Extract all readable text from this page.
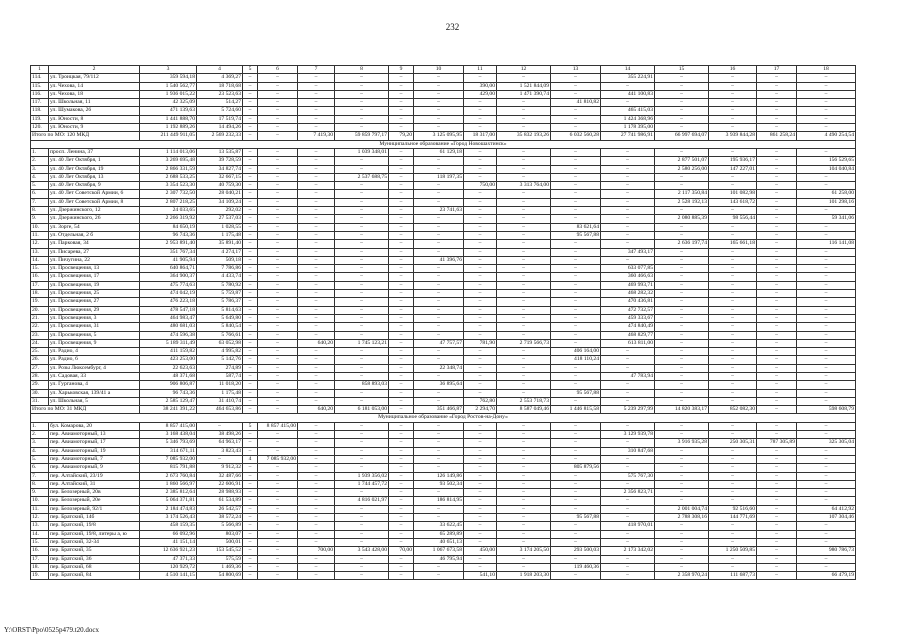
232
1	2	3	4	5	6	7	8	9	10	11	12	13	14	15	16	17	18
114.	ул. Троицкая, 79/112	359 594,18	4 369,27	–	–	–	–	–	–	–	–	–	355 224,91	–	–	–	–
115.	ул. Чехова, 14	1 540 562,77	18 718,68	–	–	–	–	–	–	390,00	1 521 844,09	–	–	–	–	–	–
116.	ул. Чехова, 18	1 936 015,22	23 523,63	–	–	–	–	–	–	429,00	1 471 390,74	–	441 100,83	–	–	–	–
117.	ул. Школьная, 11	42 325,09	514,27	–	–	–	–	–	–	–	–	41 810,82	–	–	–	–	–
118.	ул. Шумакова, 26	471 139,63	5 724,60	–	–	–	–	–	–	–	–	–	465 415,03	–	–	–	–
119.	ул. Юности, 8	1 441 888,70	17 519,74	–	–	–	–	–	–	–	–	–	1 424 368,96	–	–	–	–
120.	ул. Юности, 9	1 192 889,26	14 494,26	–	–	–	–	–	–	–	–	–	1 178 395,00	–	–	–	–
Итого по МО: 120 МКД		211 449 911,05	2 569 232,33	–	–	7 419,30	59 859 797,17	79,20	3 125 095,95	18 317,00	35 832 193,26	6 032 560,28	27 741 986,91	66 997 694,07	3 939 844,28	861 258,24	4 490 254,54
Муниципальное образование «Город Новошахтинск»																	
1.	просп. Ленина, 37	1 114 013,06	13 535,87	–	–	–	1 039 348,01	–	61 129,18	–	–	–	–	–	–	–	–
2.	ул. 40 Лет Октября, 1	3 269 695,48	39 728,59	–	–	–	–	–	–	–	–	–	–	2 877 501,07	195 936,17	–	156 529,65
3.	ул. 40 Лет Октября, 19	2 866 331,59	34 827,74	–	–	–	–	–	–	–	–	–	–	2 580 256,00	147 227,01	–	104 040,84
4.	ул. 40 Лет Октября, 13	2 688 533,25	32 667,15	–	–	–	2 537 688,75	–	118 197,35	–	–	–	–	–	–	–	–
5.	ул. 40 Лет Октября, 9	3 354 523,30	40 759,30	–	–	–	–	–	–	750,00	3 313 764,00	–	–	–	–	–	–
6.	ул. 40 Лет Советской Армии, 6	2 307 732,50	28 040,21	–	–	–	–	–	–	–	–	–	–	2 117 350,84	101 082,98	–	61 258,00
7.	ул. 40 Лет Советской Армии, 8	2 807 218,25	34 109,24	–	–	–	–	–	–	–	–	–	–	2 528 192,13	143 618,72	–	101 298,16
8.	ул. Дзержинского, 12	24 033,65	292,02	–	–	–	–	–	23 741,63	–	–	–	–	–	–	–	–
9.	ул. Дзержинского, 26	2 266 319,92	27 537,03	–	–	–	–	–	–	–	–	–	–	2 080 885,39	98 556,44	–	59 341,06
10.	ул. Зорге, 54	84 650,19	1 028,55	–	–	–	–	–	–	–	–	83 621,64	–	–	–	–	–
11.	ул. Отдельная, 2 б	96 743,36	1 175,48	–	–	–	–	–	–	–	–	95 567,88	–	–	–	–	–
12.	ул. Парковая, 34	2 953 891,40	35 891,40	–	–	–	–	–	–	–	–	–	–	2 636 197,74	165 661,18	–	116 141,08
13.	ул. Писарева, 27	351 767,34	4 274,17	–	–	–	–	–	–	–	–	–	347 493,17	–	–	–	–
14.	ул. Пичугина, 22	41 905,94	509,18	–	–	–	–	–	41 396,76	–	–	–	–	–	–	–	–
15.	ул. Просвещения, 13	640 864,71	7 786,86	–	–	–	–	–	–	–	–	–	633 077,85	–	–	–	–
16.	ул. Просвещения, 17	364 900,37	4 433,74	–	–	–	–	–	–	–	–	–	360 466,63	–	–	–	–
17.	ул. Просвещения, 19	475 774,63	5 780,92	–	–	–	–	–	–	–	–	–	469 993,71	–	–	–	–
18.	ул. Просвещения, 25	474 042,19	5 759,87	–	–	–	–	–	–	–	–	–	468 282,32	–	–	–	–
19.	ул. Просвещения, 27	476 223,18	5 786,37	–	–	–	–	–	–	–	–	–	470 436,81	–	–	–	–
20.	ул. Просвещения, 29	478 547,18	5 814,63	–	–	–	–	–	–	–	–	–	472 732,57	–	–	–	–
21.	ул. Просвещения, 3	464 983,47	5 649,80	–	–	–	–	–	–	–	–	–	459 333,67	–	–	–	–
22.	ул. Просвещения, 31	480 681,03	5 840,54	–	–	–	–	–	–	–	–	–	474 840,49	–	–	–	–
23.	ул. Просвещения, 5	474 596,38	5 766,61	–	–	–	–	–	–	–	–	–	468 829,77	–	–	–	–
24.	ул. Просвещения, 9	5 189 311,49	63 052,98	–	–	640,20	1 745 123,21	–	47 757,57	781,90	2 719 566,73	–	613 811,00	–	–	–	–
25.	ул. Радио, 4	411 159,82	4 995,82	–	–	–	–	–	–	–	–	406 164,00	–	–	–	–	–
26.	ул. Радио, 6	423 253,00	5 142,76	–	–	–	–	–	–	–	–	418 110,24	–	–	–	–	–
27.	ул. Розы Люксембург, 4	22 623,63	274,89	–	–	–	–	–	22 348,74	–	–	–	–	–	–	–	–
28.	ул. Садовая, 33	48 371,68	587,74	–	–	–	–	–	–	–	–	–	47 783,94	–	–	–	–
29.	ул. Гурганова, 4	906 806,87	11 018,20	–	–	–	858 893,03	–	36 895,64	–	–	–	–	–	–	–	–
30.	ул. Харьковская, 139/41 а	96 743,36	1 175,48	–	–	–	–	–	–	–	–	95 567,88	–	–	–	–	–
31.	ул. Школьная, 5	2 585 129,47	31 410,74	–	–	–	–	–	–	762,80	2 553 718,73	–	–	–	–	–	–
Итого по МО: 31 МКД		38 241 391,22	464 653,86	–	–	640,20	6 181 053,00	–	351 466,87	2 294,70	8 587 049,46	1 446 815,58	5 239 297,99	14 820 383,17	852 082,30	–	598 608,79
Муниципальное образование «Город Ростов-на-Дону»																	
1.	бул. Комарова, 20	8 857 415,00	–	5	8 857 415,00	–	–	–	–	–	–	–	–	–	–	–	–
2.	пер. Авиамоторный, 13	3 168 438,04	38 498,26	–	–	–	–	–	–	–	–	–	3 129 939,78	–	–	–	–
3.	пер. Авиамоторный, 17	5 346 793,69	64 963,17	–	–	–	–	–	–	–	–	–	–	3 916 935,28	250 305,31	787 305,89	325 305,04
4.	пер. Авиамоторный, 19	314 671,11	3 823,43	–	–	–	–	–	–	–	–	–	310 847,68	–	–	–	–
5.	пер. Авиамоторный, 7	7 085 932,00	–	4	7 085 932,00	–	–	–	–	–	–	–	–	–	–	–	–
6.	пер. Авиамоторный, 9	815 791,88	9 912,32	–	–	–	–	–	–	–	–	805 879,56	–	–	–	–	–
7.	пер. Алтайский, 23/19	2 673 760,84	32 487,66	–	–	–	1 939 356,02	–	126 149,86	–	–	–	575 767,30	–	–	–	–
8.	пер. Алтайский, 31	1 860 566,97	22 606,91	–	–	–	1 744 457,72	–	93 502,34	–	–	–	–	–	–	–	–
9.	пер. Белозерный, 20в	2 385 812,64	28 988,93	–	–	–	–	–	–	–	–	–	2 356 823,71	–	–	–	–
10.	пер. Белозерный, 20е	5 064 371,81	61 534,89	–	–	–	4 816 021,97	–	186 814,95	–	–	–	–	–	–	–	–
11.	пер. Белозерный, 92/1	2 184 474,83	26 542,57	–	–	–	–	–	–	–	–	–	–	2 001 004,74	92 516,60	–	64 412,92
12.	пер. Братский, 14б	3 174 526,43	38 572,24	–	–	–	–	–	–	–	–	95 567,88	–	2 788 308,16	144 771,69	–	107 304,46
13.	пер. Братский, 19/8	458 159,35	5 566,89	–	–	–	–	–	33 622,45	–	–	–	418 970,01	–	–	–	–
14.	пер. Братский, 19/8, литеры а, ю	66 092,96	803,07	–	–	–	–	–	65 289,89	–	–	–	–	–	–	–	–
15.	пер. Братский, 32-34	41 151,14	500,01	–	–	–	–	–	40 651,13	–	–	–	–	–	–	–	–
16.	пер. Братский, 35	12 636 921,23	153 545,52	–	–	700,00	3 543 428,00	70,00	1 067 673,58	450,00	3 174 205,50	293 500,03	2 173 342,02	–	1 250 509,85	–	980 786,73
17.	пер. Братский, 36	47 371,33	575,59	–	–	–	–	–	46 795,94	–	–	–	–	–	–	–	–
18.	пер. Братский, 68	120 929,72	1 469,36	–	–	–	–	–	–	–	–	119 460,36	–	–	–	–	–
19.	пер. Братский, 84	4 510 141,15	54 800,69	–	–	–	–	–	–	541,10	1 918 203,30	–	–	2 358 970,24	111 687,73	–	66 479,19
Y:\ORST\Ppo\0525p479.t20.docx
